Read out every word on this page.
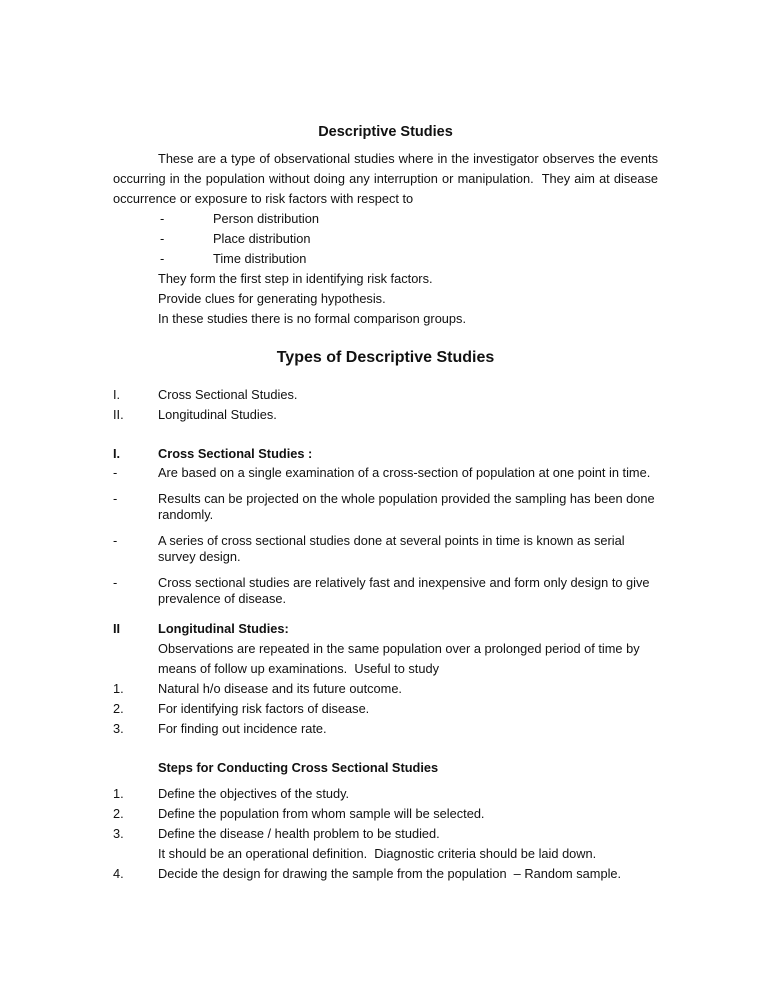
Descriptive Studies

These are a type of observational studies where in the investigator observes the events occurring in the population without doing any interruption or manipulation.  They aim at disease occurrence or exposure to risk factors with respect to

-	Person distribution
-	Place distribution
-	Time distribution
They form the first step in identifying risk factors.
Provide clues for generating hypothesis.
In these studies there is no formal comparison groups.
Types of Descriptive Studies
I.	Cross Sectional Studies.
II.	Longitudinal Studies.
I.	Cross Sectional Studies :
-	Are based on a single examination of a cross-section of population at one point in time.
-	Results can be projected on the whole population provided the sampling has been done randomly.
-	A series of cross sectional studies done at several points in time is known as serial survey design.
-	Cross sectional studies are relatively fast and inexpensive and form only design to give prevalence of disease.
II	Longitudinal Studies:

Observations are repeated in the same population over a prolonged period of time by means of follow up examinations.  Useful to study

1.	Natural h/o disease and its future outcome.
2.	For identifying risk factors of disease.
3.	For finding out incidence rate.
Steps for Conducting Cross Sectional Studies
1.	Define the objectives of the study.
2.	Define the population from whom sample will be selected.
3.	Define the disease / health problem to be studied.
It should be an operational definition.  Diagnostic criteria should be laid down.
4.	Decide the design for drawing the sample from the population  – Random sample.
